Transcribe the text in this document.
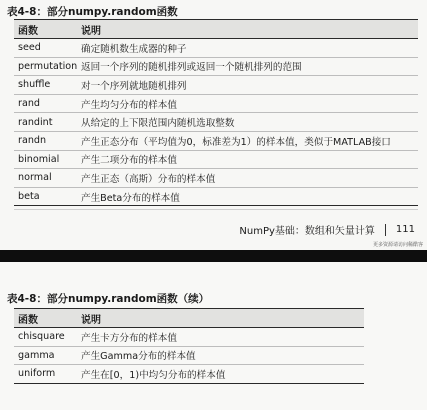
表4-8：部分numpy.random函数
函数	说明
seed	确定随机数生成器的种子
permutation 返回一个序列的随机排列或返回一个随机排列的范围
shuffle	对一个序列就地随机排列
rand	产生均匀分布的样本值
randint	从给定的上下限范围内随机选取整数
randn	产生正态分布（平均值为0，标准差为1）的样本值，类似于MATLAB接口
binomial	产生二项分布的样本值
normal	产生正态（高斯）分布的样本值
beta	产生Beta分布的样本值
NumPy基础：数组和矢量计算 111
更多资源请访问稀酷客
表4-8：部分numpy.random函数（续）
函数	说明
chisquare	产生卡方分布的样本值
gamma	产生Gamma分布的样本值
uniform	产生在[0，1)中均匀分布的样本值
